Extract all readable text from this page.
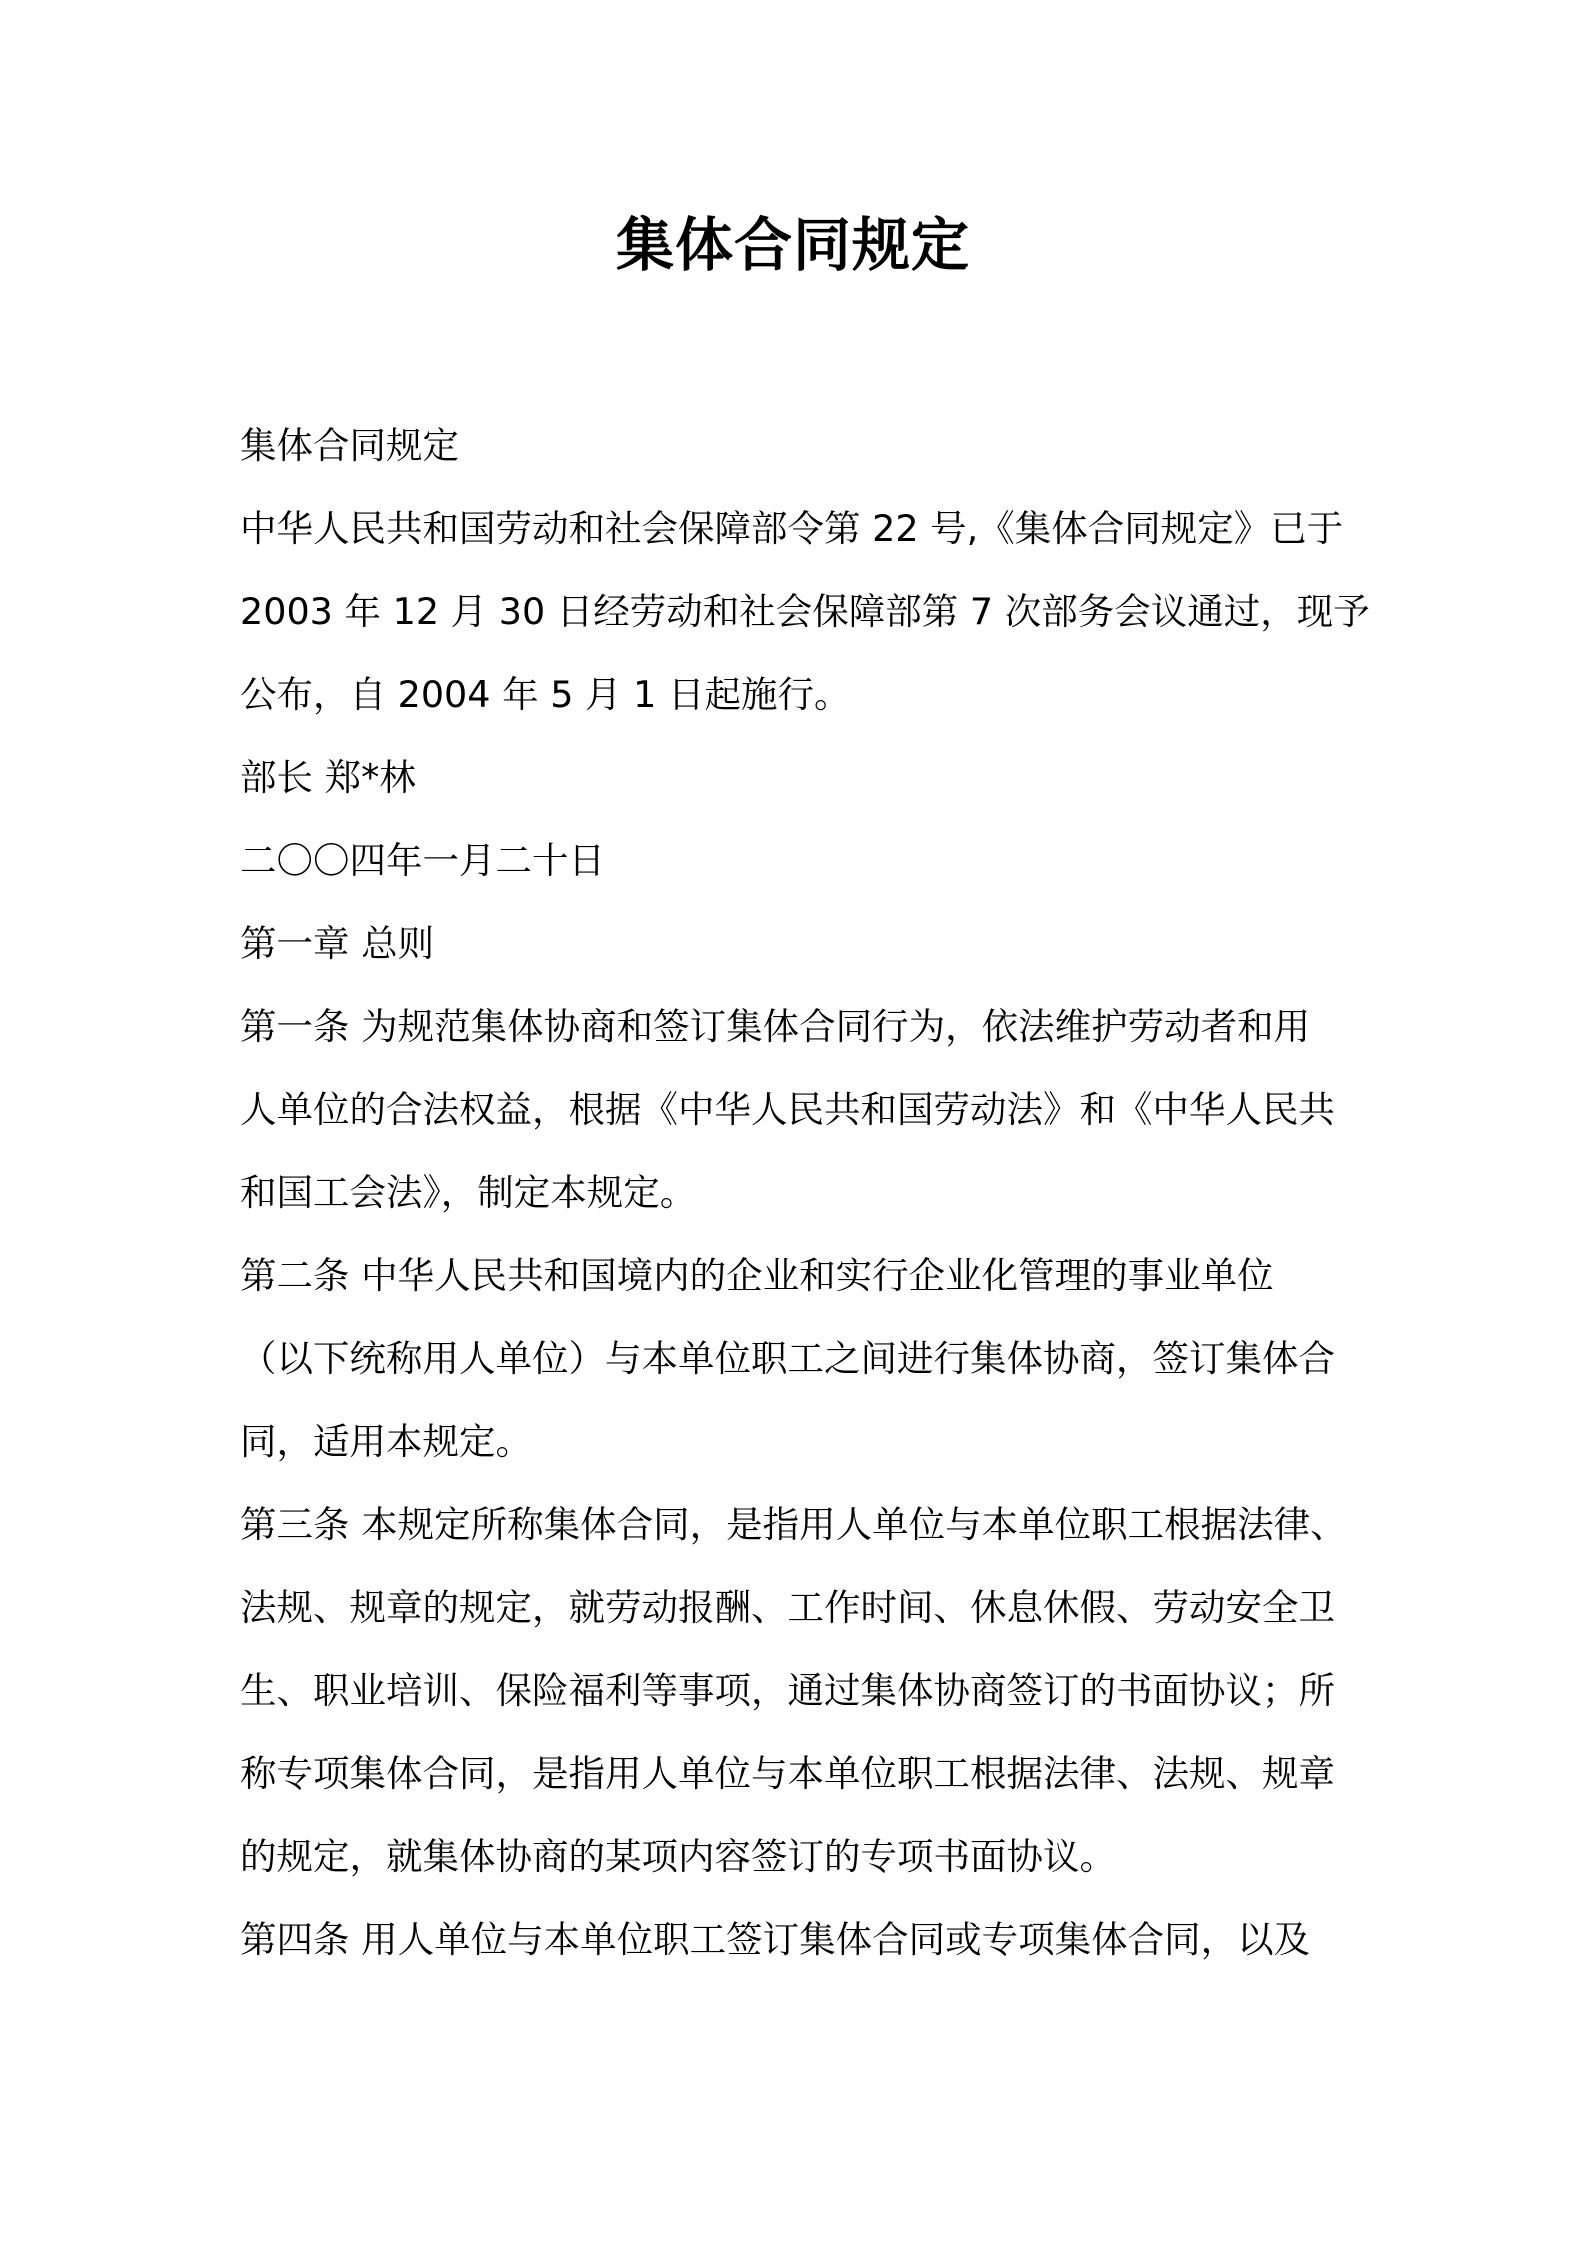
集体合同规定
集体合同规定
中华人民共和国劳动和社会保障部令第 22 号,《集体合同规定》已于
2003 年 12 月 30 日经劳动和社会保障部第 7 次部务会议通过，现予
公布，自 2004 年 5 月 1 日起施行。
部长 郑*林
二〇〇四年一月二十日
第一章 总则
第一条 为规范集体协商和签订集体合同行为，依法维护劳动者和用
人单位的合法权益，根据《中华人民共和国劳动法》和《中华人民共
和国工会法》，制定本规定。
第二条 中华人民共和国境内的企业和实行企业化管理的事业单位
（以下统称用人单位）与本单位职工之间进行集体协商，签订集体合
同，适用本规定。
第三条 本规定所称集体合同，是指用人单位与本单位职工根据法律、
法规、规章的规定，就劳动报酬、工作时间、休息休假、劳动安全卫
生、职业培训、保险福利等事项，通过集体协商签订的书面协议；所
称专项集体合同，是指用人单位与本单位职工根据法律、法规、规章
的规定，就集体协商的某项内容签订的专项书面协议。
第四条 用人单位与本单位职工签订集体合同或专项集体合同，以及
